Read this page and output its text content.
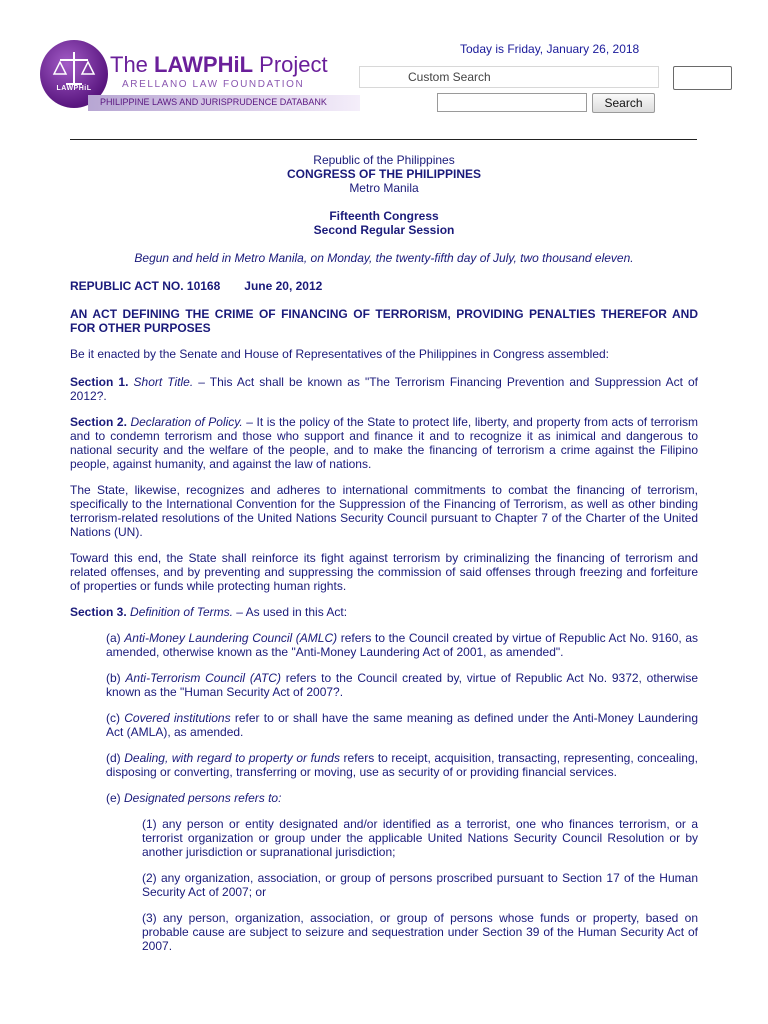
LAWPHiL
The LAWPHiL Project
ARELLANO LAW FOUNDATION
PHILIPPINE LAWS AND JURISPRUDENCE DATABANK
Today is Friday, January 26, 2018
Custom Search
Search
Republic of the Philippines
CONGRESS OF THE PHILIPPINES
Metro Manila
Fifteenth Congress
Second Regular Session
Begun and held in Metro Manila, on Monday, the twenty-fifth day of July, two thousand eleven.
REPUBLIC ACT NO. 10168 June 20, 2012

AN ACT DEFINING THE CRIME OF FINANCING OF TERRORISM, PROVIDING PENALTIES THEREFOR AND FOR OTHER PURPOSES

Be it enacted by the Senate and House of Representatives of the Philippines in Congress assembled:

Section 1. Short Title. – This Act shall be known as "The Terrorism Financing Prevention and Suppression Act of 2012?.

Section 2. Declaration of Policy. – It is the policy of the State to protect life, liberty, and property from acts of terrorism and to condemn terrorism and those who support and finance it and to recognize it as inimical and dangerous to national security and the welfare of the people, and to make the financing of terrorism a crime against the Filipino people, against humanity, and against the law of nations.

The State, likewise, recognizes and adheres to international commitments to combat the financing of terrorism, specifically to the International Convention for the Suppression of the Financing of Terrorism, as well as other binding terrorism-related resolutions of the United Nations Security Council pursuant to Chapter 7 of the Charter of the United Nations (UN).

Toward this end, the State shall reinforce its fight against terrorism by criminalizing the financing of terrorism and related offenses, and by preventing and suppressing the commission of said offenses through freezing and forfeiture of properties or funds while protecting human rights.

Section 3. Definition of Terms. – As used in this Act:

(a) Anti-Money Laundering Council (AMLC) refers to the Council created by virtue of Republic Act No. 9160, as amended, otherwise known as the "Anti-Money Laundering Act of 2001, as amended".

(b) Anti-Terrorism Council (ATC) refers to the Council created by, virtue of Republic Act No. 9372, otherwise known as the "Human Security Act of 2007?.

(c) Covered institutions refer to or shall have the same meaning as defined under the Anti-Money Laundering Act (AMLA), as amended.

(d) Dealing, with regard to property or funds refers to receipt, acquisition, transacting, representing, concealing, disposing or converting, transferring or moving, use as security of or providing financial services.

(e) Designated persons refers to:

(1) any person or entity designated and/or identified as a terrorist, one who finances terrorism, or a terrorist organization or group under the applicable United Nations Security Council Resolution or by another jurisdiction or supranational jurisdiction;

(2) any organization, association, or group of persons proscribed pursuant to Section 17 of the Human Security Act of 2007; or

(3) any person, organization, association, or group of persons whose funds or property, based on probable cause are subject to seizure and sequestration under Section 39 of the Human Security Act of 2007.
